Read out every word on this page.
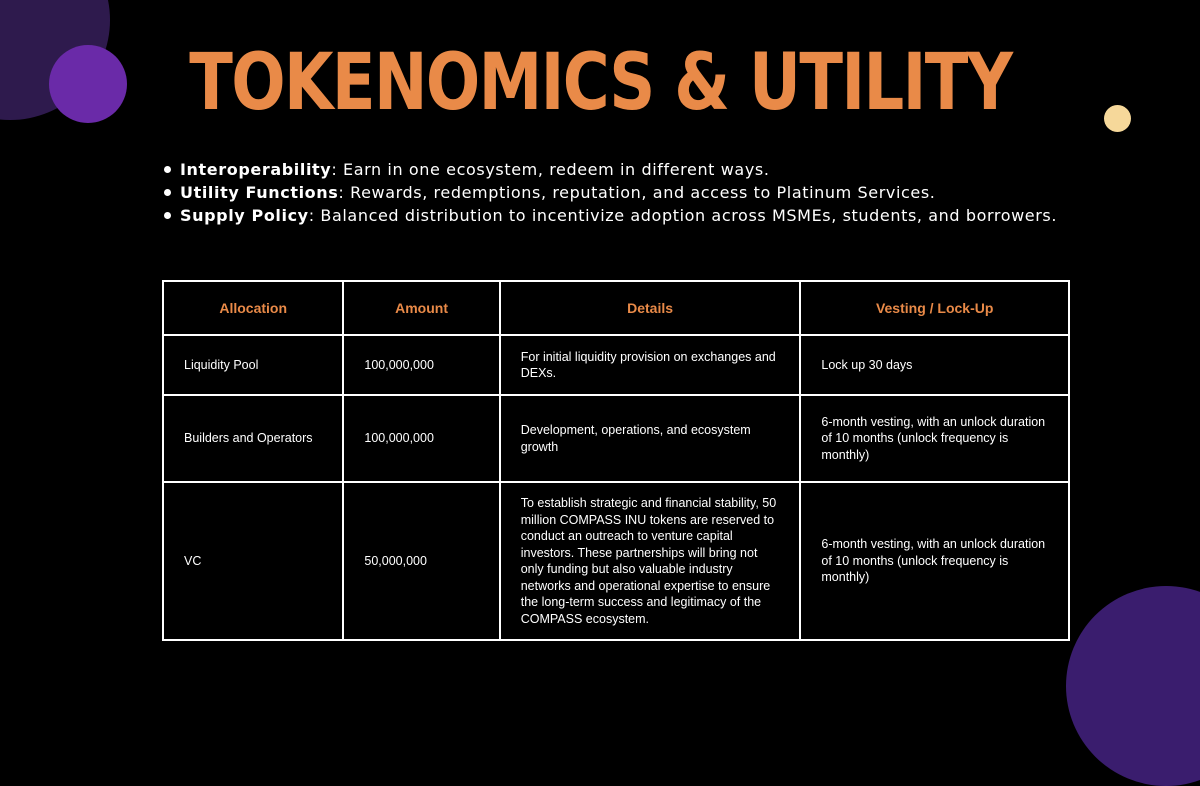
TOKENOMICS & UTILITY
Interoperability: Earn in one ecosystem, redeem in different ways.
Utility Functions: Rewards, redemptions, reputation, and access to Platinum Services.
Supply Policy: Balanced distribution to incentivize adoption across MSMEs, students, and borrowers.
Allocation	Amount	Details	Vesting / Lock-Up
Liquidity Pool	100,000,000	For initial liquidity provision on exchanges and DEXs.	Lock up 30 days
Builders and Operators	100,000,000	Development, operations, and ecosystem growth	6-month vesting, with an unlock duration of 10 months (unlock frequency is monthly)
VC	50,000,000	To establish strategic and financial stability, 50 million COMPASS INU tokens are reserved to conduct an outreach to venture capital investors. These partnerships will bring not only funding but also valuable industry networks and operational expertise to ensure the long-term success and legitimacy of the COMPASS ecosystem.	6-month vesting, with an unlock duration of 10 months (unlock frequency is monthly)
